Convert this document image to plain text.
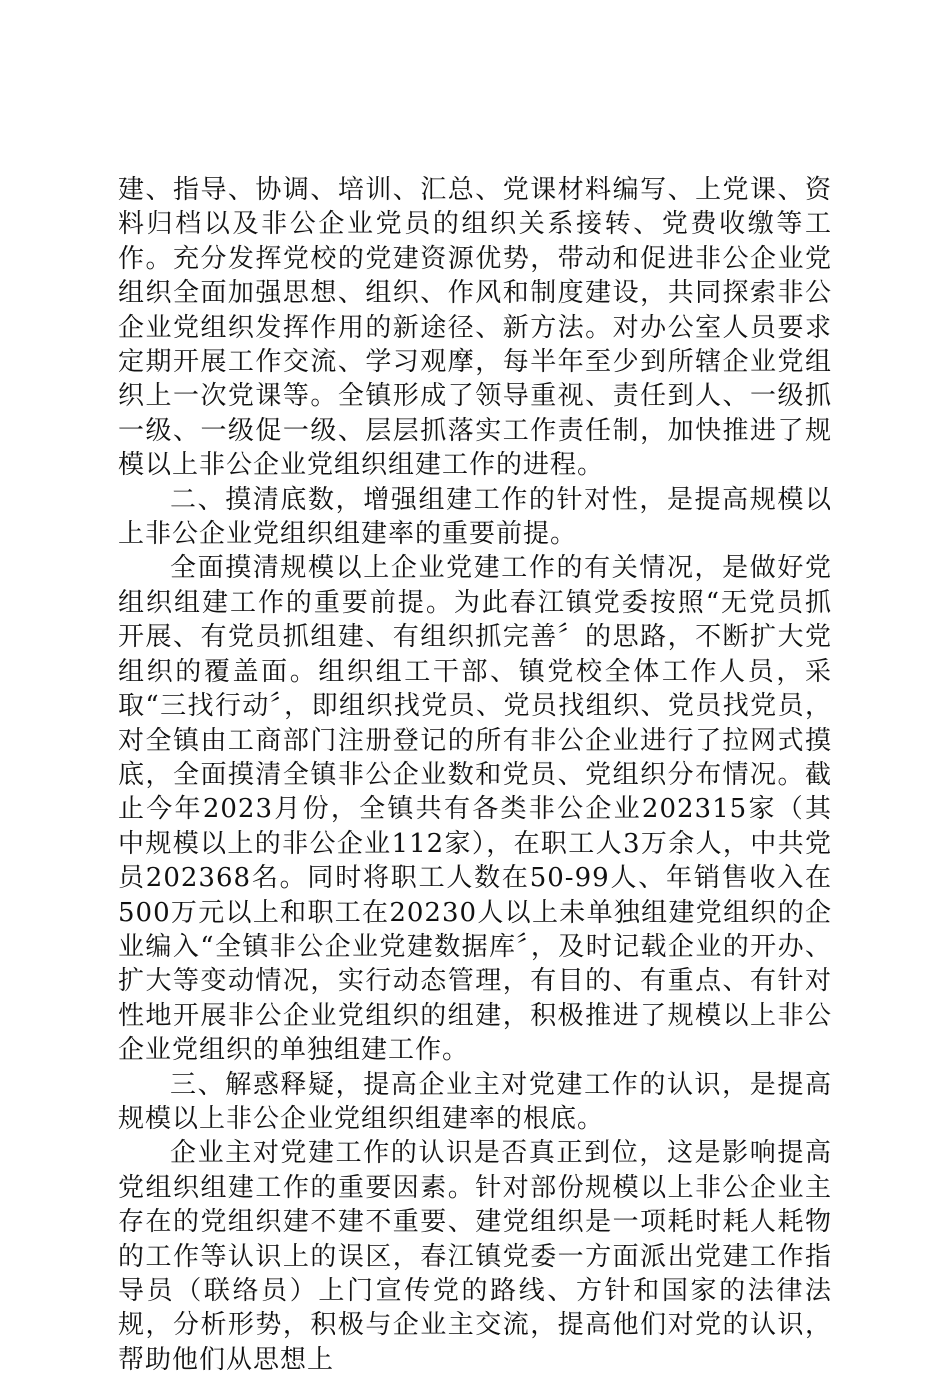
建、指导、协调、培训、汇总、党课材料编写、上党课、资料归档以及非公企业党员的组织关系接转、党费收缴等工作。充分发挥党校的党建资源优势，带动和促进非公企业党组织全面加强思想、组织、作风和制度建设，共同探索非公企业党组织发挥作用的新途径、新方法。对办公室人员要求定期开展工作交流、学习观摩，每半年至少到所辖企业党组织上一次党课等。全镇形成了领导重视、责任到人、一级抓一级、一级促一级、层层抓落实工作责任制，加快推进了规模以上非公企业党组织组建工作的进程。

二、摸清底数，增强组建工作的针对性，是提高规模以上非公企业党组织组建率的重要前提。

全面摸清规模以上企业党建工作的有关情况，是做好党组织组建工作的重要前提。为此春江镇党委按照“无党员抓开展、有党员抓组建、有组织抓完善〞的思路，不断扩大党组织的覆盖面。组织组工干部、镇党校全体工作人员，采取“三找行动〞，即组织找党员、党员找组织、党员找党员，对全镇由工商部门注册登记的所有非公企业进行了拉网式摸底，全面摸清全镇非公企业数和党员、党组织分布情况。截止今年2023月份，全镇共有各类非公企业202315家（其中规模以上的非公企业112家），在职工人3万余人，中共党员202368名。同时将职工人数在50-99人、年销售收入在500万元以上和职工在20230人以上未单独组建党组织的企业编入“全镇非公企业党建数据库〞，及时记载企业的开办、扩大等变动情况，实行动态管理，有目的、有重点、有针对性地开展非公企业党组织的组建，积极推进了规模以上非公企业党组织的单独组建工作。

三、解惑释疑，提高企业主对党建工作的认识，是提高规模以上非公企业党组织组建率的根底。

企业主对党建工作的认识是否真正到位，这是影响提高党组织组建工作的重要因素。针对部份规模以上非公企业主存在的党组织建不建不重要、建党组织是一项耗时耗人耗物的工作等认识上的误区，春江镇党委一方面派出党建工作指导员（联络员）上门宣传党的路线、方针和国家的法律法规，分析形势，积极与企业主交流，提高他们对党的认识，帮助他们从思想上
